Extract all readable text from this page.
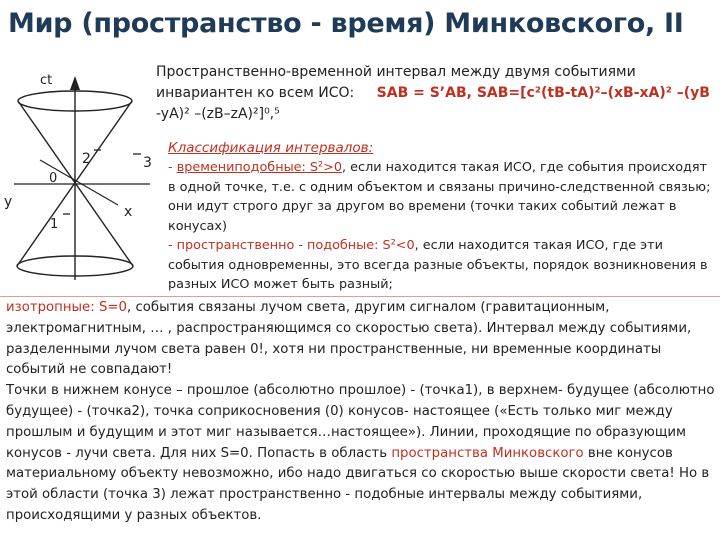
Мир (пространство - время) Минковского, II
ct
0
2	3
y
x
1
Пространственно-временной интервал между двумя событиями
инвариантен ко всем ИСО: SAB = S’AB, SAB=[c²(tB-tA)²–(xB-xA)² –(yB
-yA)² –(zB–zA)²]⁰,⁵
Классификация интервалов:
- времениподобные: S²>0, если находится такая ИСО, где события происходят в одной точке, т.е. с одним объектом и связаны причино-следственной связью; они идут строго друг за другом во времени (точки таких событий лежат в конусах)
- пространственно - подобные: S²<0, если находится такая ИСО, где эти события одновременны, это всегда разные объекты, порядок возникновения в разных ИСО может быть разный;

изотропные: S=0, события связаны лучом света, другим сигналом (гравитационным, электромагнитным, … , распространяющимся со скоростью света). Интервал между событиями, разделенными лучом света равен 0!, хотя ни пространственные, ни временные координаты событий не совпадают!

Точки в нижнем конусе – прошлое (абсолютно прошлое) - (точка1), в верхнем- будущее (абсолютно будущее) - (точка2), точка соприкосновения (0) конусов- настоящее («Есть только миг между прошлым и будущим и этот миг называется…настоящее»). Линии, проходящие по образующим конусов - лучи света. Для них S=0. Попасть в область пространства Минковского вне конусов материальному объекту невозможно, ибо надо двигаться со скоростью выше скорости света! Но в этой области (точка 3) лежат пространственно - подобные интервалы между событиями, происходящими у разных объектов.
